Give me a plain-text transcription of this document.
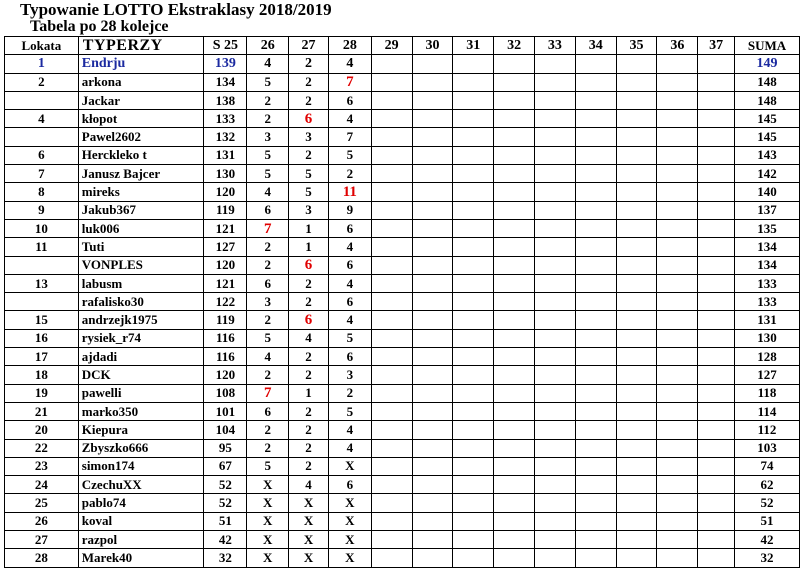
Typowanie LOTTO Ekstraklasy 2018/2019
Tabela po 28 kolejce
Lokata	TYPERZY	S 25	26	27	28	29	30	31	32	33	34	35	36	37	SUMA
1	Endrju	139	4	2	4										149
2	arkona	134	5	2	7										148
	Jackar	138	2	2	6										148
4	kłopot	133	2	6	4										145
	Pawel2602	132	3	3	7										145
6	Herckleko t	131	5	2	5										143
7	Janusz Bajcer	130	5	5	2										142
8	mireks	120	4	5	11										140
9	Jakub367	119	6	3	9										137
10	luk006	121	7	1	6										135
11	Tuti	127	2	1	4										134
	VONPLES	120	2	6	6										134
13	labusm	121	6	2	4										133
	rafalisko30	122	3	2	6										133
15	andrzejk1975	119	2	6	4										131
16	rysiek_r74	116	5	4	5										130
17	ajdadi	116	4	2	6										128
18	DCK	120	2	2	3										127
19	pawelli	108	7	1	2										118
21	marko350	101	6	2	5										114
20	Kiepura	104	2	2	4										112
22	Zbyszko666	95	2	2	4										103
23	simon174	67	5	2	X										74
24	CzechuXX	52	X	4	6										62
25	pablo74	52	X	X	X										52
26	koval	51	X	X	X										51
27	razpol	42	X	X	X										42
28	Marek40	32	X	X	X										32
